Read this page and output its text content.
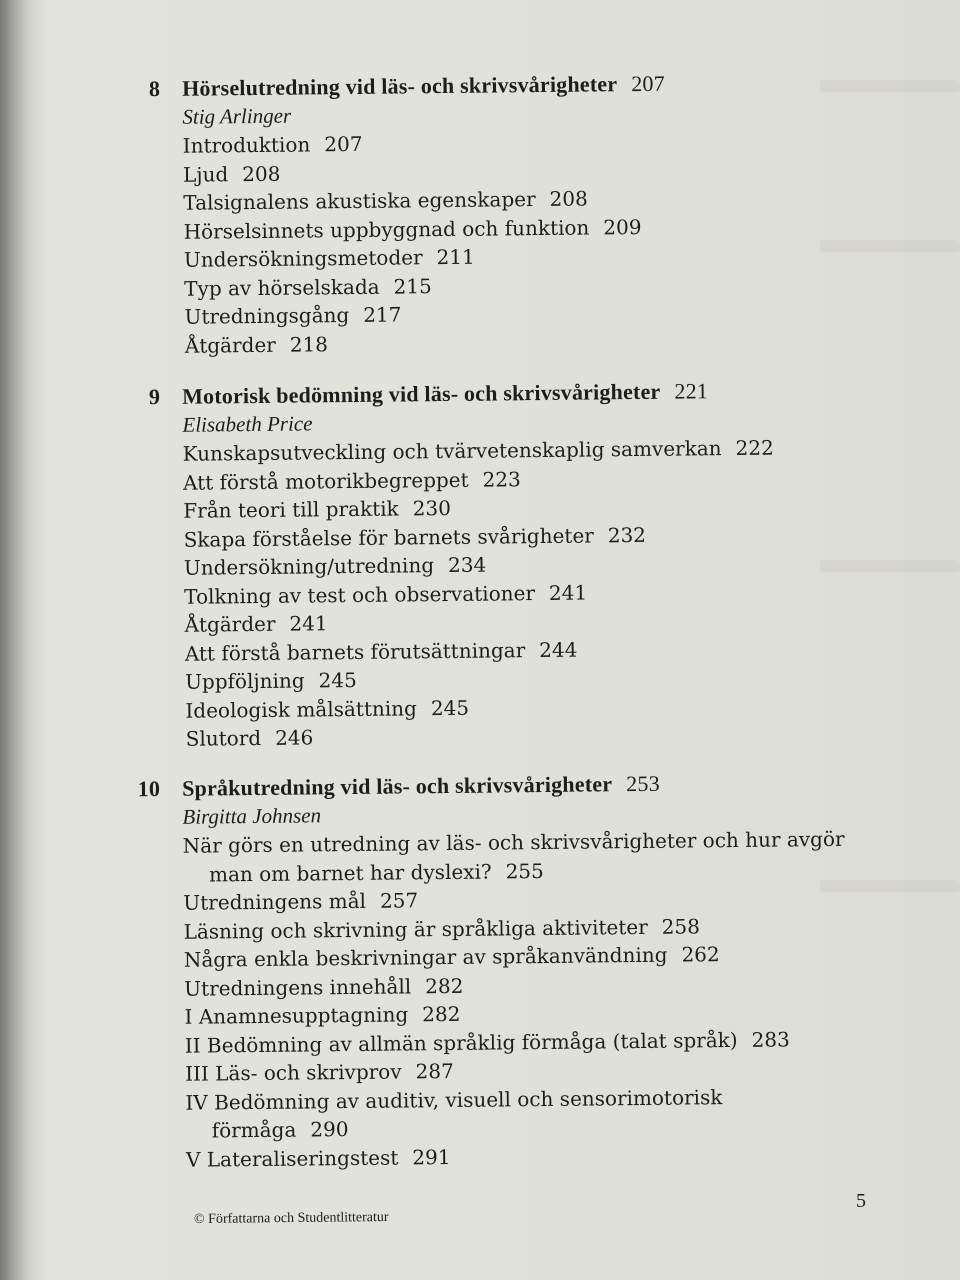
8 Hörselutredning vid läs- och skrivsvårigheter 207
Stig Arlinger
Introduktion 207
Ljud 208
Talsignalens akustiska egenskaper 208
Hörselsinnets uppbyggnad och funktion 209
Undersökningsmetoder 211
Typ av hörselskada 215
Utredningsgång 217
Åtgärder 218
9 Motorisk bedömning vid läs- och skrivsvårigheter 221
Elisabeth Price
Kunskapsutveckling och tvärvetenskaplig samverkan 222
Att förstå motorikbegreppet 223
Från teori till praktik 230
Skapa förståelse för barnets svårigheter 232
Undersökning/utredning 234
Tolkning av test och observationer 241
Åtgärder 241
Att förstå barnets förutsättningar 244
Uppföljning 245
Ideologisk målsättning 245
Slutord 246
10 Språkutredning vid läs- och skrivsvårigheter 253
Birgitta Johnsen
När görs en utredning av läs- och skrivsvårigheter och hur avgör
man om barnet har dyslexi? 255
Utredningens mål 257
Läsning och skrivning är språkliga aktiviteter 258
Några enkla beskrivningar av språkanvändning 262
Utredningens innehåll 282
I Anamnesupptagning 282
II Bedömning av allmän språklig förmåga (talat språk) 283
III Läs- och skrivprov 287
IV Bedömning av auditiv, visuell och sensorimotorisk
förmåga 290
V Lateraliseringstest 291
5
© Författarna och Studentlitteratur
